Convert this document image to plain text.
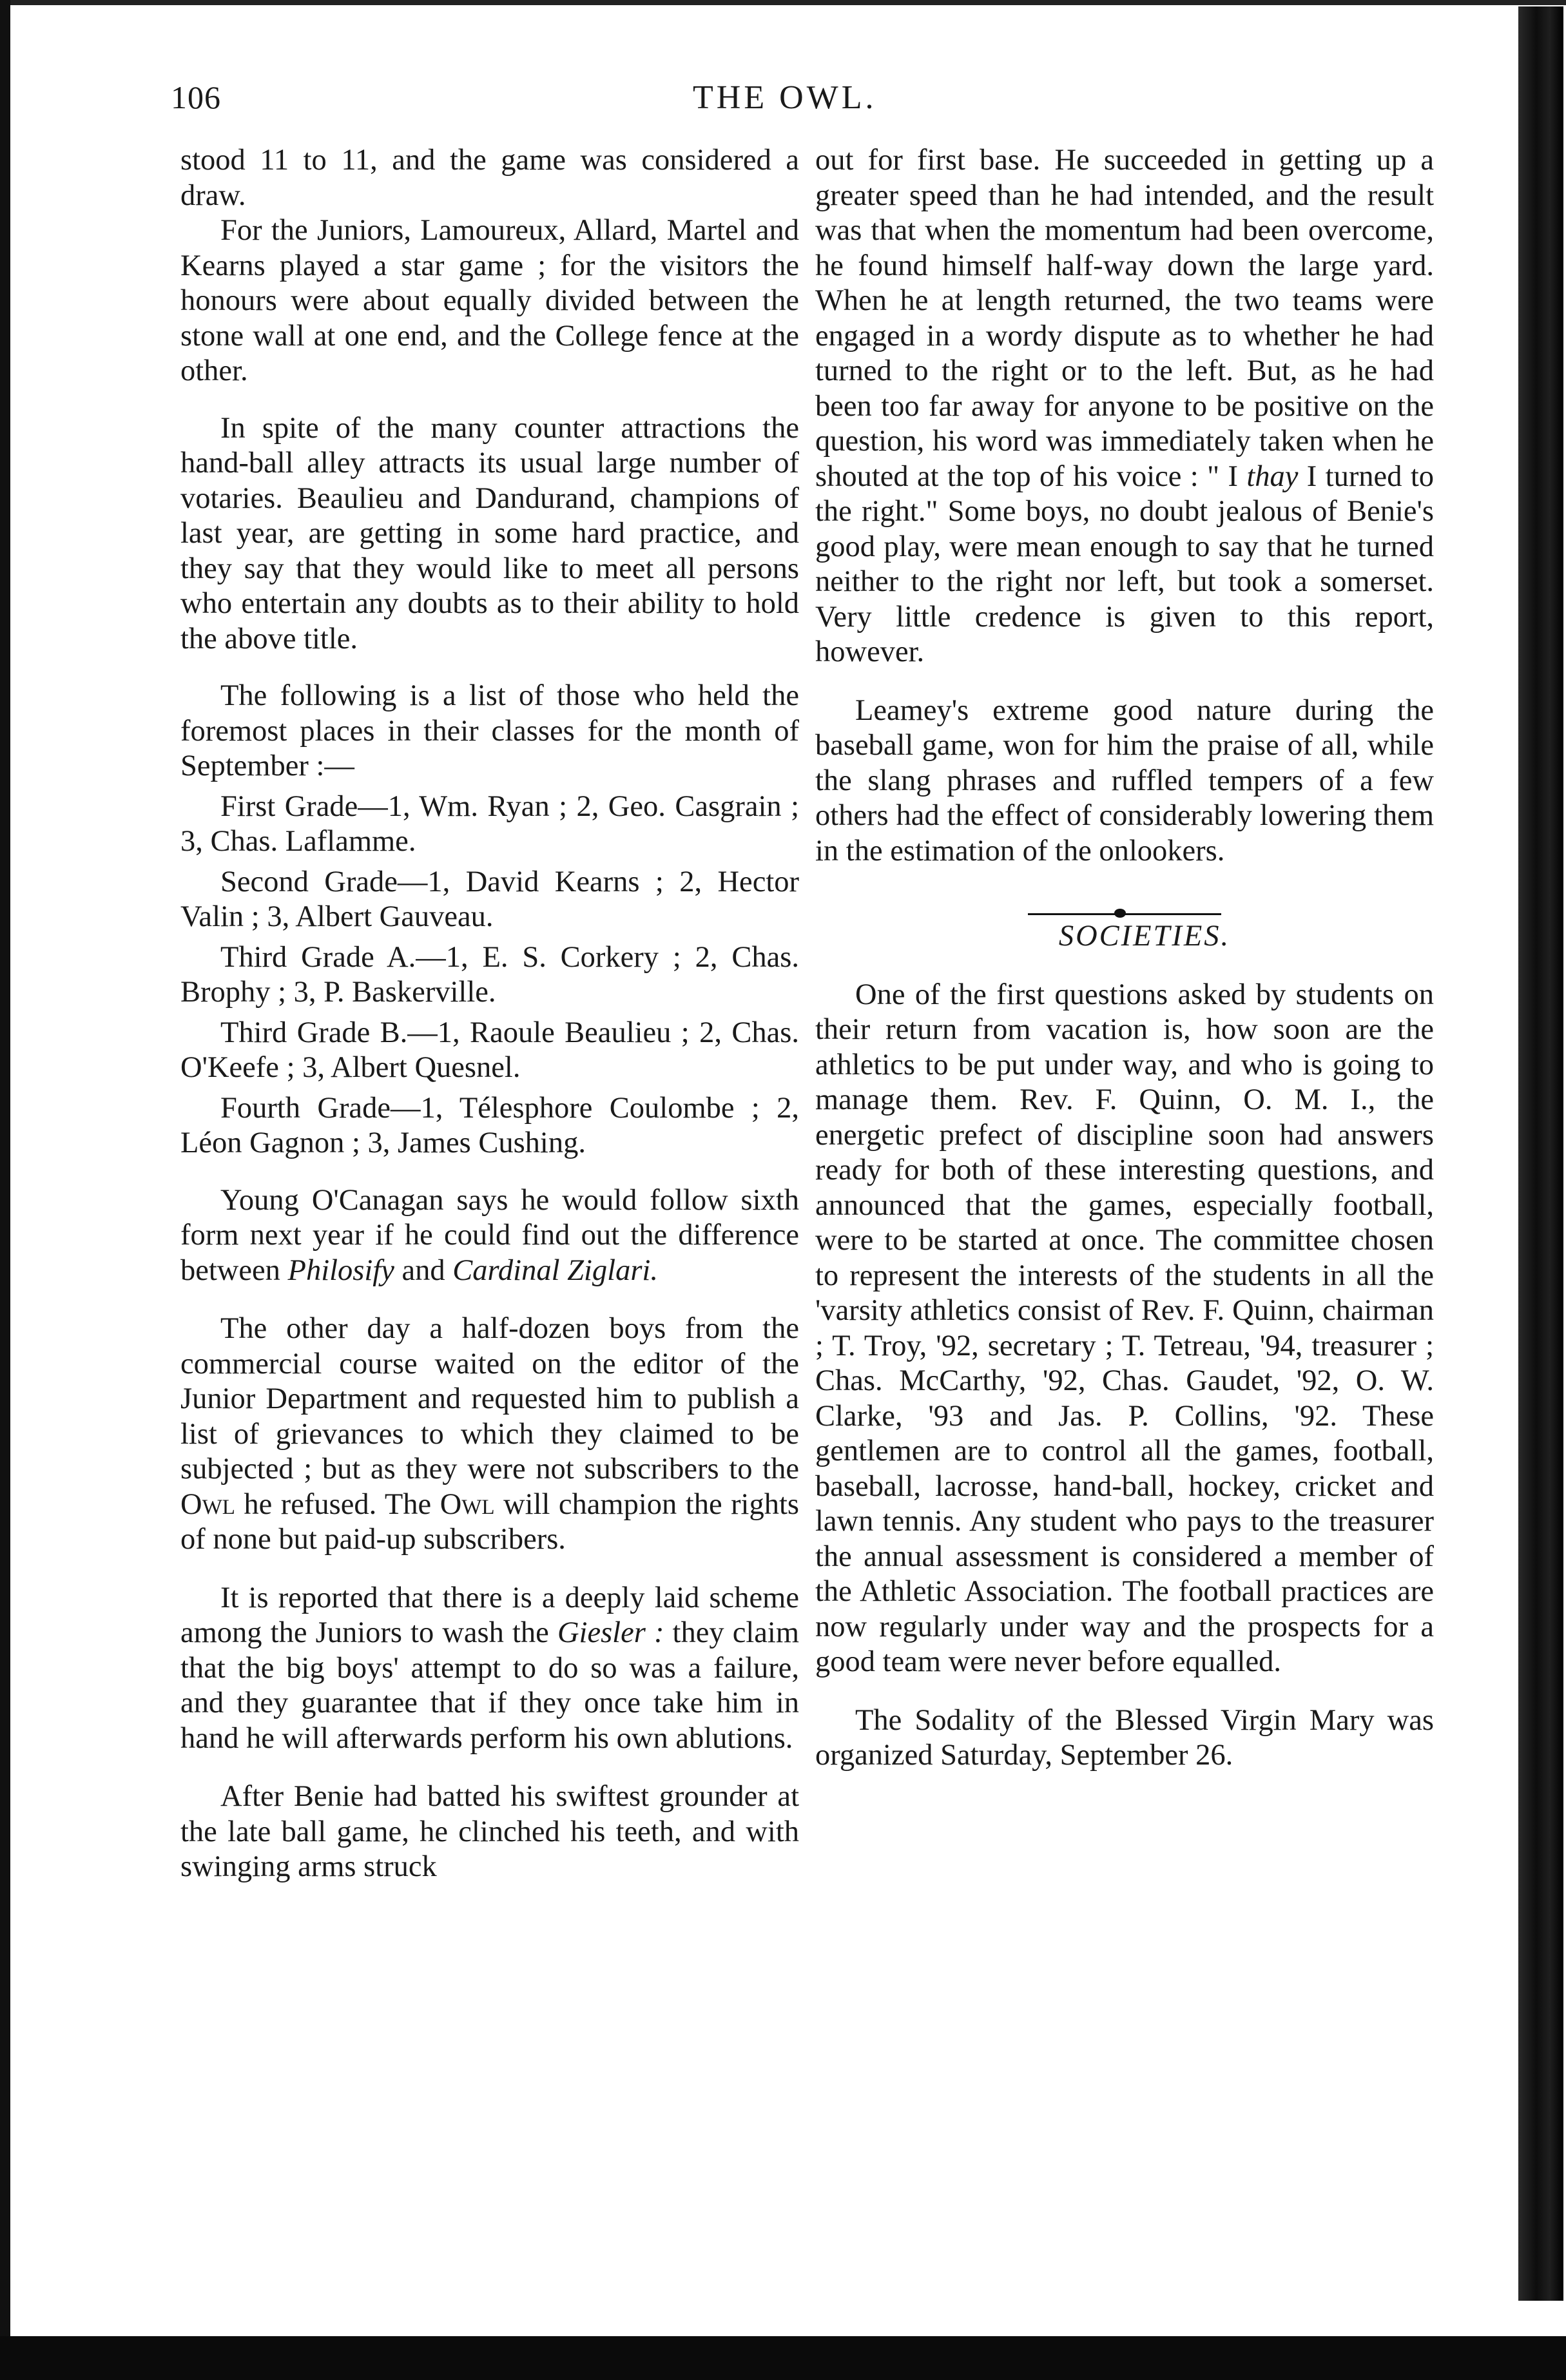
106	THE OWL.

stood 11 to 11, and the game was considered a draw.

For the Juniors, Lamoureux, Allard, Martel and Kearns played a star game ; for the visitors the honours were about equally divided between the stone wall at one end, and the College fence at the other.

In spite of the many counter attractions the hand-ball alley attracts its usual large number of votaries. Beaulieu and Dandurand, champions of last year, are getting in some hard practice, and they say that they would like to meet all persons who entertain any doubts as to their ability to hold the above title.

The following is a list of those who held the foremost places in their classes for the month of September :—

First Grade—1, Wm. Ryan ; 2, Geo. Casgrain ; 3, Chas. Laflamme.

Second Grade—1, David Kearns ; 2, Hector Valin ; 3, Albert Gauveau.

Third Grade A.—1, E. S. Corkery ; 2, Chas. Brophy ; 3, P. Baskerville.

Third Grade B.—1, Raoule Beaulieu ; 2, Chas. O'Keefe ; 3, Albert Quesnel.

Fourth Grade—1, Télesphore Coulombe ; 2, Léon Gagnon ; 3, James Cushing.

Young O'Canagan says he would follow sixth form next year if he could find out the difference between Philosify and Cardinal Ziglari.

The other day a half-dozen boys from the commercial course waited on the editor of the Junior Department and requested him to publish a list of grievances to which they claimed to be subjected ; but as they were not subscribers to the Owl he refused. The Owl will champion the rights of none but paid-up subscribers.

It is reported that there is a deeply laid scheme among the Juniors to wash the Giesler : they claim that the big boys' attempt to do so was a failure, and they guarantee that if they once take him in hand he will afterwards perform his own ablutions.

After Benie had batted his swiftest grounder at the late ball game, he clinched his teeth, and with swinging arms struck

out for first base. He succeeded in getting up a greater speed than he had intended, and the result was that when the momentum had been overcome, he found himself half-way down the large yard. When he at length returned, the two teams were engaged in a wordy dispute as to whether he had turned to the right or to the left. But, as he had been too far away for anyone to be positive on the question, his word was immediately taken when he shouted at the top of his voice : " I thay I turned to the right." Some boys, no doubt jealous of Benie's good play, were mean enough to say that he turned neither to the right nor left, but took a somerset. Very little credence is given to this report, however.

Leamey's extreme good nature during the baseball game, won for him the praise of all, while the slang phrases and ruffled tempers of a few others had the effect of considerably lowering them in the estimation of the onlookers.

SOCIETIES.

One of the first questions asked by students on their return from vacation is, how soon are the athletics to be put under way, and who is going to manage them. Rev. F. Quinn, O. M. I., the energetic prefect of discipline soon had answers ready for both of these interesting questions, and announced that the games, especially football, were to be started at once. The committee chosen to represent the interests of the students in all the 'varsity athletics consist of Rev. F. Quinn, chairman ; T. Troy, '92, secretary ; T. Tetreau, '94, treasurer ; Chas. McCarthy, '92, Chas. Gaudet, '92, O. W. Clarke, '93 and Jas. P. Collins, '92. These gentlemen are to control all the games, football, baseball, lacrosse, hand-ball, hockey, cricket and lawn tennis. Any student who pays to the treasurer the annual assessment is considered a member of the Athletic Association. The football practices are now regularly under way and the prospects for a good team were never before equalled.

The Sodality of the Blessed Virgin Mary was organized Saturday, September 26.
